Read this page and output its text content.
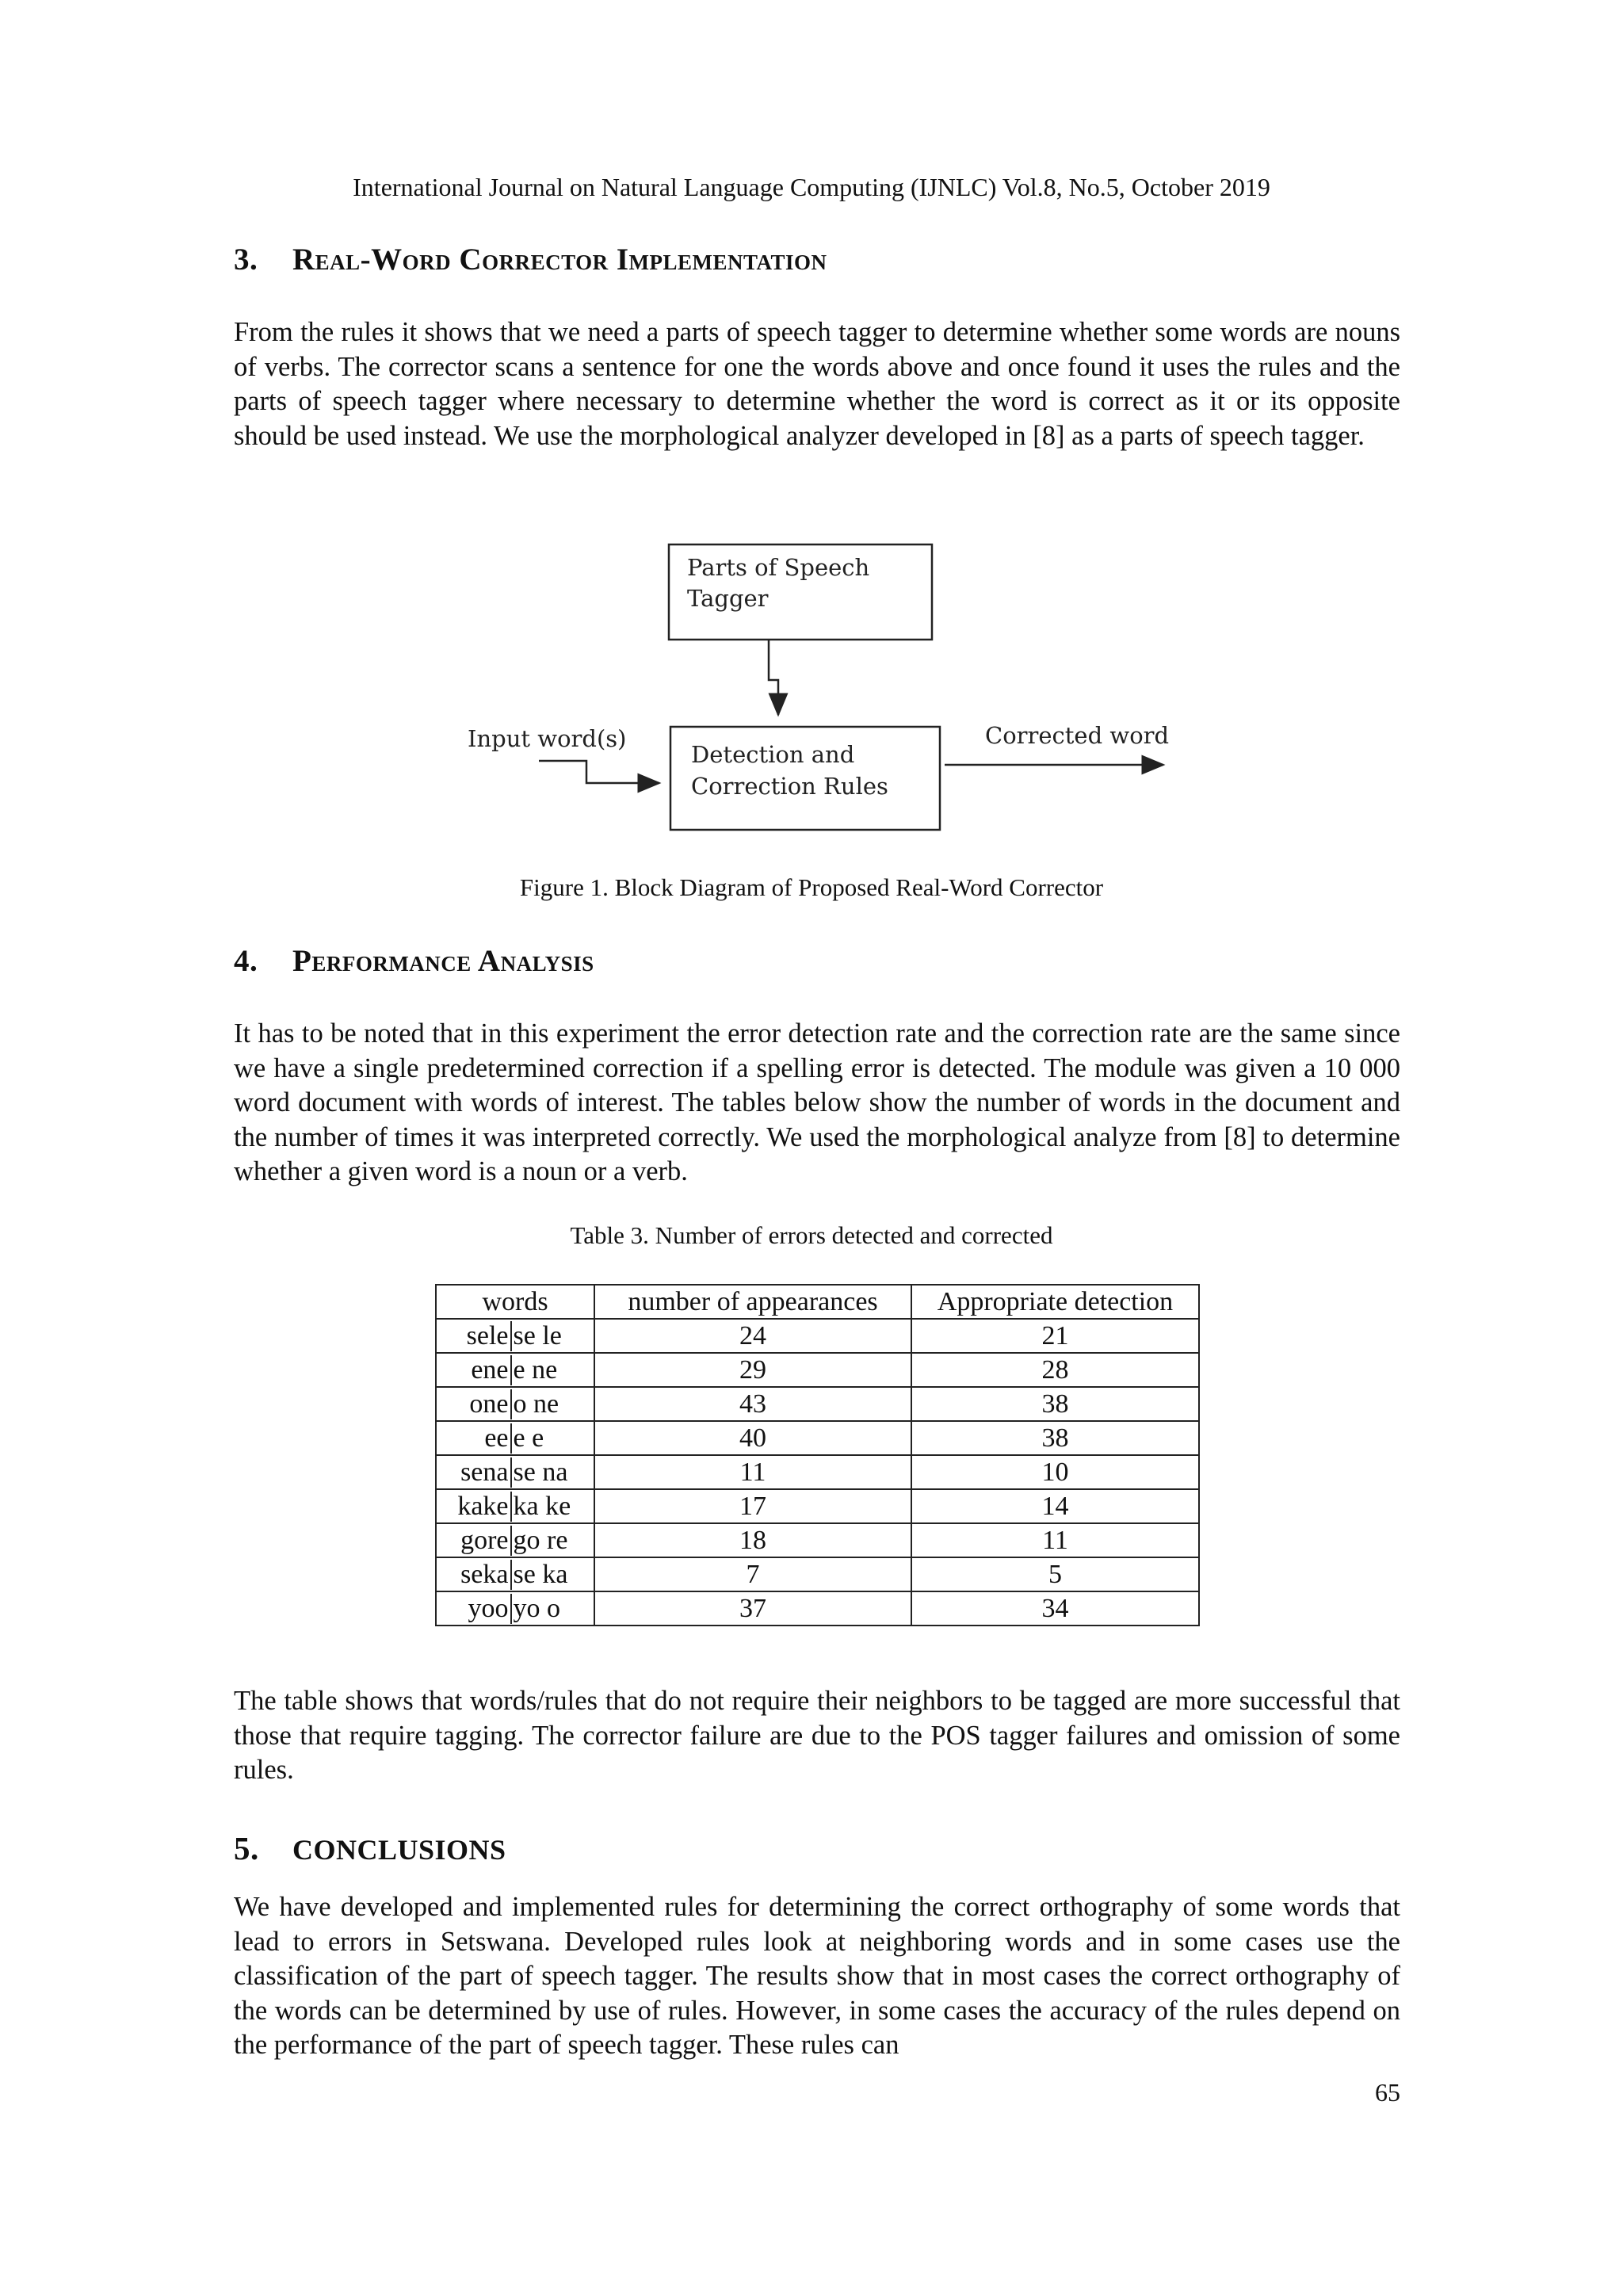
International Journal on Natural Language Computing (IJNLC) Vol.8, No.5, October 2019
3. Real-Word Corrector Implementation

From the rules it shows that we need a parts of speech tagger to determine whether some words are nouns of verbs. The corrector scans a sentence for one the words above and once found it uses the rules and the parts of speech tagger where necessary to determine whether the word is correct as it or its opposite should be used instead. We use the morphological analyzer developed in [8] as a parts of speech tagger.

Parts of Speech
Tagger
Detection and
Correction Rules
Input word(s)	Corrected word
Figure 1. Block Diagram of Proposed Real-Word Corrector
4. Performance Analysis

It has to be noted that in this experiment the error detection rate and the correction rate are the same since we have a single predetermined correction if a spelling error is detected. The module was given a 10 000 word document with words of interest. The tables below show the number of words in the document and the number of times it was interpreted correctly. We used the morphological analyze from [8] to determine whether a given word is a noun or a verb.

Table 3. Number of errors detected and corrected
words	number of appearances	Appropriate detection

sele se le	24	21

ene e ne	29	28

one o ne	43	38

ee e e	40	38

sena se na	11	10

kake ka ke	17	14

gore go re	18	11

seka se ka	7	5

yoo yo o	37	34

The table shows that words/rules that do not require their neighbors to be tagged are more successful that those that require tagging. The corrector failure are due to the POS tagger failures and omission of some rules.

5. CONCLUSIONS

We have developed and implemented rules for determining the correct orthography of some words that lead to errors in Setswana. Developed rules look at neighboring words and in some cases use the classification of the part of speech tagger. The results show that in most cases the correct orthography of the words can be determined by use of rules. However, in some cases the accuracy of the rules depend on the performance of the part of speech tagger. These rules can

65
